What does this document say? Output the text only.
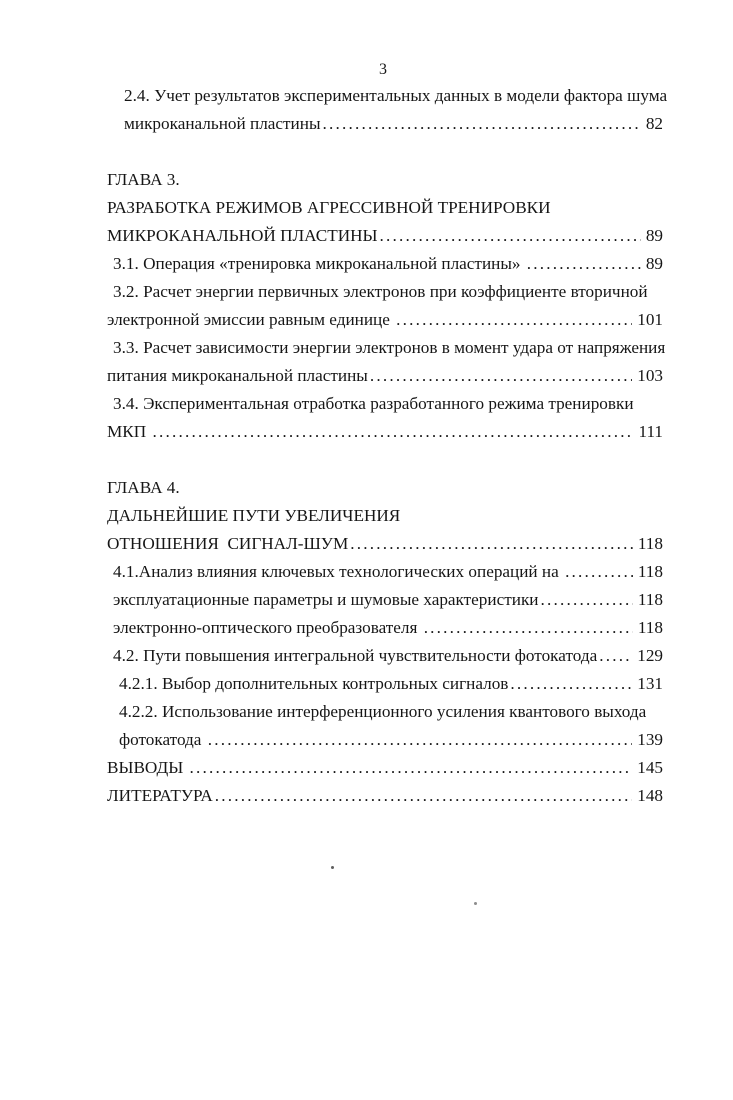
3
2.4. Учет результатов экспериментальных данных в модели фактора шума
микроканальной пластины .....	82
ГЛАВА 3.
РАЗРАБОТКА РЕЖИМОВ АГРЕССИВНОЙ ТРЕНИРОВКИ
МИКРОКАНАЛЬНОЙ ПЛАСТИНЫ .....	89
3.1. Операция «тренировка микроканальной пластины» .....	89
3.2. Расчет энергии первичных электронов при коэффициенте вторичной
электронной эмиссии равным единице .....	101
3.3. Расчет зависимости энергии электронов в момент удара от напряжения
питания микроканальной пластины .....	103
3.4. Экспериментальная отработка разработанного режима тренировки
МКП .....	111
ГЛАВА 4.
ДАЛЬНЕЙШИЕ ПУТИ УВЕЛИЧЕНИЯ
ОТНОШЕНИЯ  СИГНАЛ-ШУМ .....	118
4.1.Анализ влияния ключевых технологических операций на .....	118
эксплуатационные параметры и шумовые характеристики .....	118
электронно-оптического преобразователя .....	118
4.2. Пути повышения интегральной чувствительности фотокатода ..... 129
4.2.1. Выбор дополнительных контрольных сигналов .....	131
4.2.2. Использование интерференционного усиления квантового выхода
фотокатода .....	139
ВЫВОДЫ .....	145
ЛИТЕРАТУРА .....	148
